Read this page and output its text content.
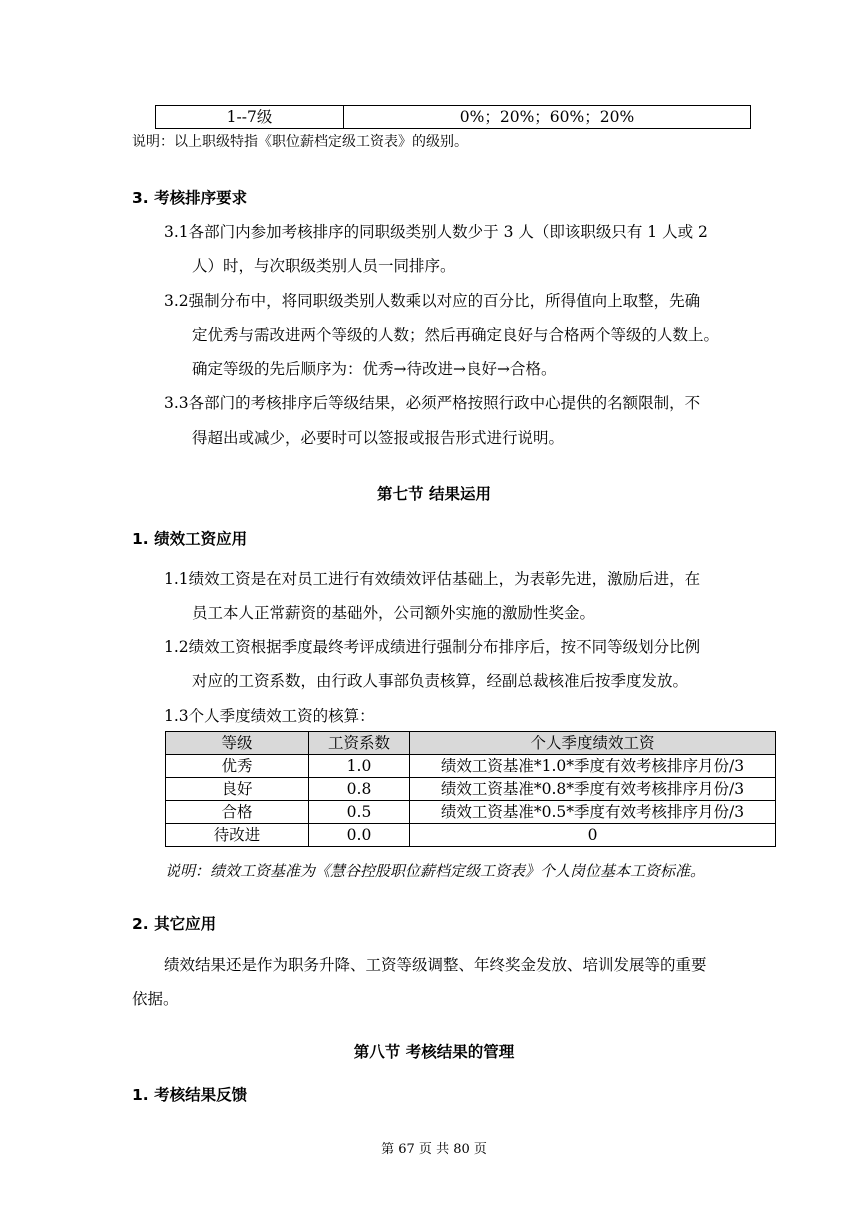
1--7级	0%；20%；60%；20%
说明：以上职级特指《职位薪档定级工资表》的级别。
3. 考核排序要求
3.1各部门内参加考核排序的同职级类别人数少于 3 人（即该职级只有 1 人或 2
人）时，与次职级类别人员一同排序。
3.2强制分布中，将同职级类别人数乘以对应的百分比，所得值向上取整，先确
定优秀与需改进两个等级的人数；然后再确定良好与合格两个等级的人数上。
确定等级的先后顺序为：优秀→待改进→良好→合格。
3.3各部门的考核排序后等级结果，必须严格按照行政中心提供的名额限制，不
得超出或减少，必要时可以签报或报告形式进行说明。
第七节 结果运用
1. 绩效工资应用
1.1绩效工资是在对员工进行有效绩效评估基础上，为表彰先进，激励后进，在
员工本人正常薪资的基础外，公司额外实施的激励性奖金。
1.2绩效工资根据季度最终考评成绩进行强制分布排序后，按不同等级划分比例
对应的工资系数，由行政人事部负责核算，经副总裁核准后按季度发放。
1.3个人季度绩效工资的核算：
等级	工资系数	个人季度绩效工资
优秀	1.0	绩效工资基准*1.0*季度有效考核排序月份/3
良好	0.8	绩效工资基准*0.8*季度有效考核排序月份/3
合格	0.5	绩效工资基准*0.5*季度有效考核排序月份/3
待改进	0.0	0
说明：绩效工资基准为《慧谷控股职位薪档定级工资表》个人岗位基本工资标准。
2. 其它应用
绩效结果还是作为职务升降、工资等级调整、年终奖金发放、培训发展等的重要
依据。
第八节 考核结果的管理
1. 考核结果反馈
第 67 页 共 80 页
